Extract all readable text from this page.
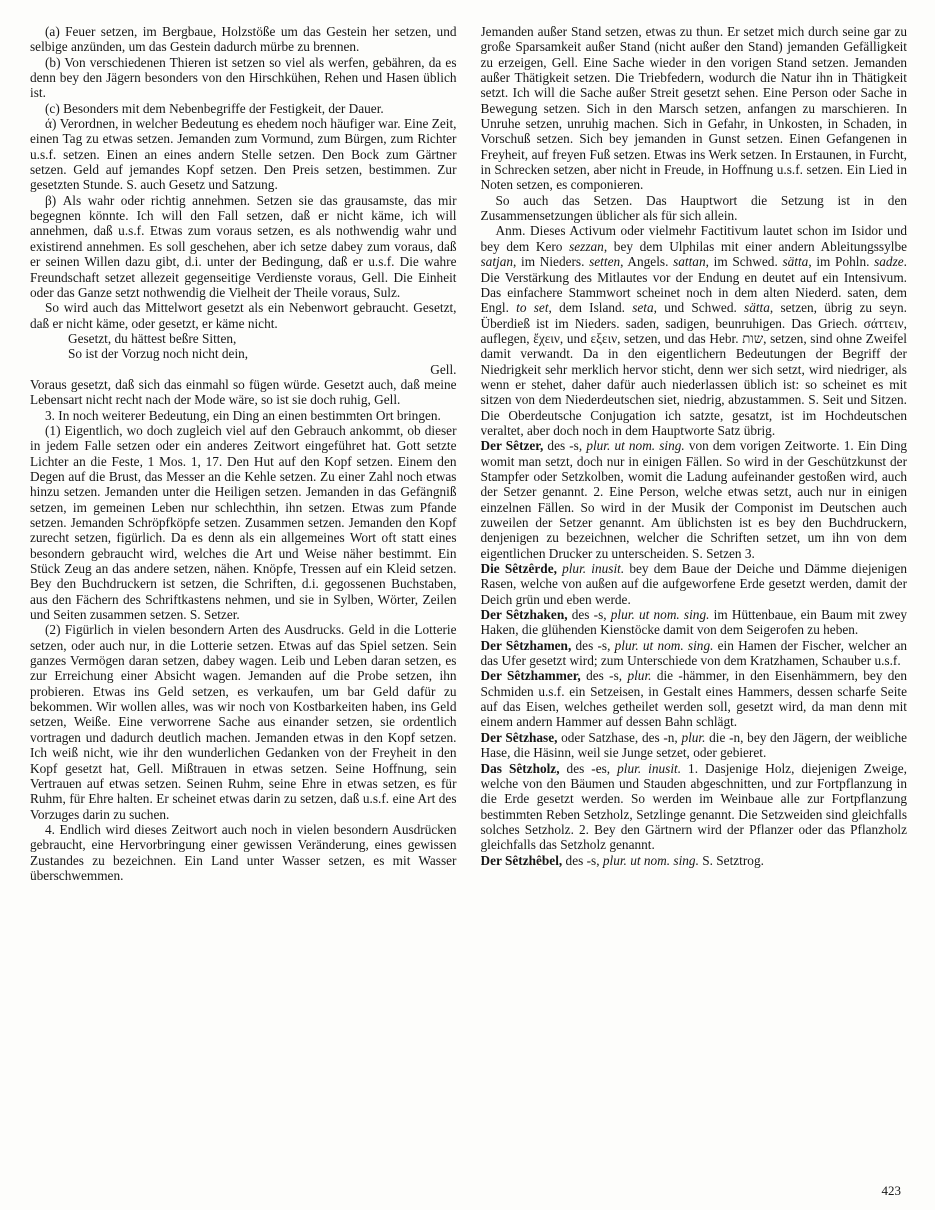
(a) Feuer setzen, im Bergbaue, Holzstöße um das Gestein her setzen, und selbige anzünden, um das Gestein dadurch mürbe zu brennen.

(b) Von verschiedenen Thieren ist setzen so viel als werfen, gebähren, da es denn bey den Jägern besonders von den Hirschkühen, Rehen und Hasen üblich ist.

(c) Besonders mit dem Nebenbegriffe der Festigkeit, der Dauer.

ά) Verordnen, in welcher Bedeutung es ehedem noch häufiger war. Eine Zeit, einen Tag zu etwas setzen. Jemanden zum Vormund, zum Bürgen, zum Richter u.s.f. setzen. Einen an eines andern Stelle setzen. Den Bock zum Gärtner setzen. Geld auf jemandes Kopf setzen. Den Preis setzen, bestimmen. Zur gesetzten Stunde. S. auch Gesetz und Satzung.

β) Als wahr oder richtig annehmen. Setzen sie das grausamste, das mir begegnen könnte. Ich will den Fall setzen, daß er nicht käme, ich will annehmen, daß u.s.f. Etwas zum voraus setzen, es als nothwendig wahr und existirend annehmen. Es soll geschehen, aber ich setze dabey zum voraus, daß er seinen Willen dazu gibt, d.i. unter der Bedingung, daß er u.s.f. Die wahre Freundschaft setzet allezeit gegenseitige Verdienste voraus, Gell. Die Einheit oder das Ganze setzt nothwendig die Vielheit der Theile voraus, Sulz.

So wird auch das Mittelwort gesetzt als ein Nebenwort gebraucht. Gesetzt, daß er nicht käme, oder gesetzt, er käme nicht.

Gesetzt, du hättest beßre Sitten,

So ist der Vorzug noch nicht dein,

Gell.

Voraus gesetzt, daß sich das einmahl so fügen würde. Gesetzt auch, daß meine Lebensart nicht recht nach der Mode wäre, so ist sie doch ruhig, Gell.

3. In noch weiterer Bedeutung, ein Ding an einen bestimmten Ort bringen.

(1) Eigentlich, wo doch zugleich viel auf den Gebrauch ankommt, ob dieser in jedem Falle setzen oder ein anderes Zeitwort eingeführet hat. Gott setzte Lichter an die Feste, 1 Mos. 1, 17. Den Hut auf den Kopf setzen. Einem den Degen auf die Brust, das Messer an die Kehle setzen. Zu einer Zahl noch etwas hinzu setzen. Jemanden unter die Heiligen setzen. Jemanden in das Gefängniß setzen, im gemeinen Leben nur schlechthin, ihn setzen. Etwas zum Pfande setzen. Jemanden Schröpfköpfe setzen. Zusammen setzen. Jemanden den Kopf zurecht setzen, figürlich. Da es denn als ein allgemeines Wort oft statt eines besondern gebraucht wird, welches die Art und Weise näher bestimmt. Ein Stück Zeug an das andere setzen, nähen. Knöpfe, Tressen auf ein Kleid setzen. Bey den Buchdruckern ist setzen, die Schriften, d.i. gegossenen Buchstaben, aus den Fächern des Schriftkastens nehmen, und sie in Sylben, Wörter, Zeilen und Seiten zusammen setzen. S. Setzer.

(2) Figürlich in vielen besondern Arten des Ausdrucks. Geld in die Lotterie setzen, oder auch nur, in die Lotterie setzen. Etwas auf das Spiel setzen. Sein ganzes Vermögen daran setzen, dabey wagen. Leib und Leben daran setzen, es zur Erreichung einer Absicht wagen. Jemanden auf die Probe setzen, ihn probieren. Etwas ins Geld setzen, es verkaufen, um bar Geld dafür zu bekommen. Wir wollen alles, was wir noch von Kostbarkeiten haben, ins Geld setzen, Weiße. Eine verworrene Sache aus einander setzen, sie ordentlich vortragen und dadurch deutlich machen. Jemanden etwas in den Kopf setzen. Ich weiß nicht, wie ihr den wunderlichen Gedanken von der Freyheit in den Kopf gesetzt hat, Gell. Mißtrauen in etwas setzen. Seine Hoffnung, sein Vertrauen auf etwas setzen. Seinen Ruhm, seine Ehre in etwas setzen, es für Ruhm, für Ehre halten. Er scheinet etwas darin zu setzen, daß u.s.f. eine Art des Vorzuges darin zu suchen.

4. Endlich wird dieses Zeitwort auch noch in vielen besondern Ausdrücken gebraucht, eine Hervorbringung einer gewissen Veränderung, eines gewissen Zustandes zu bezeichnen. Ein Land unter Wasser setzen, es mit Wasser überschwemmen.

Jemanden außer Stand setzen, etwas zu thun. Er setzet mich durch seine gar zu große Sparsamkeit außer Stand (nicht außer den Stand) jemanden Gefälligkeit zu erzeigen, Gell. Eine Sache wieder in den vorigen Stand setzen. Jemanden außer Thätigkeit setzen. Die Triebfedern, wodurch die Natur ihn in Thätigkeit setzt. Ich will die Sache außer Streit gesetzt sehen. Eine Person oder Sache in Bewegung setzen. Sich in den Marsch setzen, anfangen zu marschieren. In Unruhe setzen, unruhig machen. Sich in Gefahr, in Unkosten, in Schaden, in Vorschuß setzen. Sich bey jemanden in Gunst setzen. Einen Gefangenen in Freyheit, auf freyen Fuß setzen. Etwas ins Werk setzen. In Erstaunen, in Furcht, in Schrecken setzen, aber nicht in Freude, in Hoffnung u.s.f. setzen. Ein Lied in Noten setzen, es componieren.

So auch das Setzen. Das Hauptwort die Setzung ist in den Zusammensetzungen üblicher als für sich allein.

Anm. Dieses Activum oder vielmehr Factitivum lautet schon im Isidor und bey dem Kero sezzan, bey dem Ulphilas mit einer andern Ableitungssylbe satjan, im Nieders. setten, Angels. sattan, im Schwed. sätta, im Pohln. sadze. Die Verstärkung des Mitlautes vor der Endung en deutet auf ein Intensivum. Das einfachere Stammwort scheinet noch in dem alten Niederd. saten, dem Engl. to set, dem Island. seta, und Schwed. sätta, setzen, übrig zu seyn. Überdieß ist im Nieders. saden, sadigen, beunruhigen. Das Griech. σάττειν, auflegen, ἔχειν, und εξειν, setzen, und das Hebr. שות, setzen, sind ohne Zweifel damit verwandt. Da in den eigentlichern Bedeutungen der Begriff der Niedrigkeit sehr merklich hervor sticht, denn wer sich setzt, wird niedriger, als wenn er stehet, daher dafür auch niederlassen üblich ist: so scheinet es mit sitzen von dem Niederdeutschen siet, niedrig, abzustammen. S. Seit und Sitzen. Die Oberdeutsche Conjugation ich satzte, gesatzt, ist im Hochdeutschen veraltet, aber doch noch in dem Hauptworte Satz übrig.

Der Sêtzer, des -s, plur. ut nom. sing. von dem vorigen Zeitworte. 1. Ein Ding womit man setzt, doch nur in einigen Fällen. So wird in der Geschützkunst der Stampfer oder Setzkolben, womit die Ladung aufeinander gestoßen wird, auch der Setzer genannt. 2. Eine Person, welche etwas setzt, auch nur in einigen einzelnen Fällen. So wird in der Musik der Componist im Deutschen auch zuweilen der Setzer genannt. Am üblichsten ist es bey den Buchdruckern, denjenigen zu bezeichnen, welcher die Schriften setzet, um ihn von dem eigentlichen Drucker zu unterscheiden. S. Setzen 3.

Die Sêtzêrde, plur. inusit. bey dem Baue der Deiche und Dämme diejenigen Rasen, welche von außen auf die aufgeworfene Erde gesetzt werden, damit der Deich grün und eben werde.

Der Sêtzhaken, des -s, plur. ut nom. sing. im Hüttenbaue, ein Baum mit zwey Haken, die glühenden Kienstöcke damit von dem Seigerofen zu heben.

Der Sêtzhamen, des -s, plur. ut nom. sing. ein Hamen der Fischer, welcher an das Ufer gesetzt wird; zum Unterschiede von dem Kratzhamen, Schauber u.s.f.

Der Sêtzhammer, des -s, plur. die -hämmer, in den Eisenhämmern, bey den Schmiden u.s.f. ein Setzeisen, in Gestalt eines Hammers, dessen scharfe Seite auf das Eisen, welches getheilet werden soll, gesetzt wird, da man denn mit einem andern Hammer auf dessen Bahn schlägt.

Der Sêtzhase, oder Satzhase, des -n, plur. die -n, bey den Jägern, der weibliche Hase, die Häsinn, weil sie Junge setzet, oder gebieret.

Das Sêtzholz, des -es, plur. inusit. 1. Dasjenige Holz, diejenigen Zweige, welche von den Bäumen und Stauden abgeschnitten, und zur Fortpflanzung in die Erde gesetzt werden. So werden im Weinbaue alle zur Fortpflanzung bestimmten Reben Setzholz, Setzlinge genannt. Die Setzweiden sind gleichfalls solches Setzholz. 2. Bey den Gärtnern wird der Pflanzer oder das Pflanzholz gleichfalls das Setzholz genannt.

Der Sêtzhêbel, des -s, plur. ut nom. sing. S. Setztrog.

423
